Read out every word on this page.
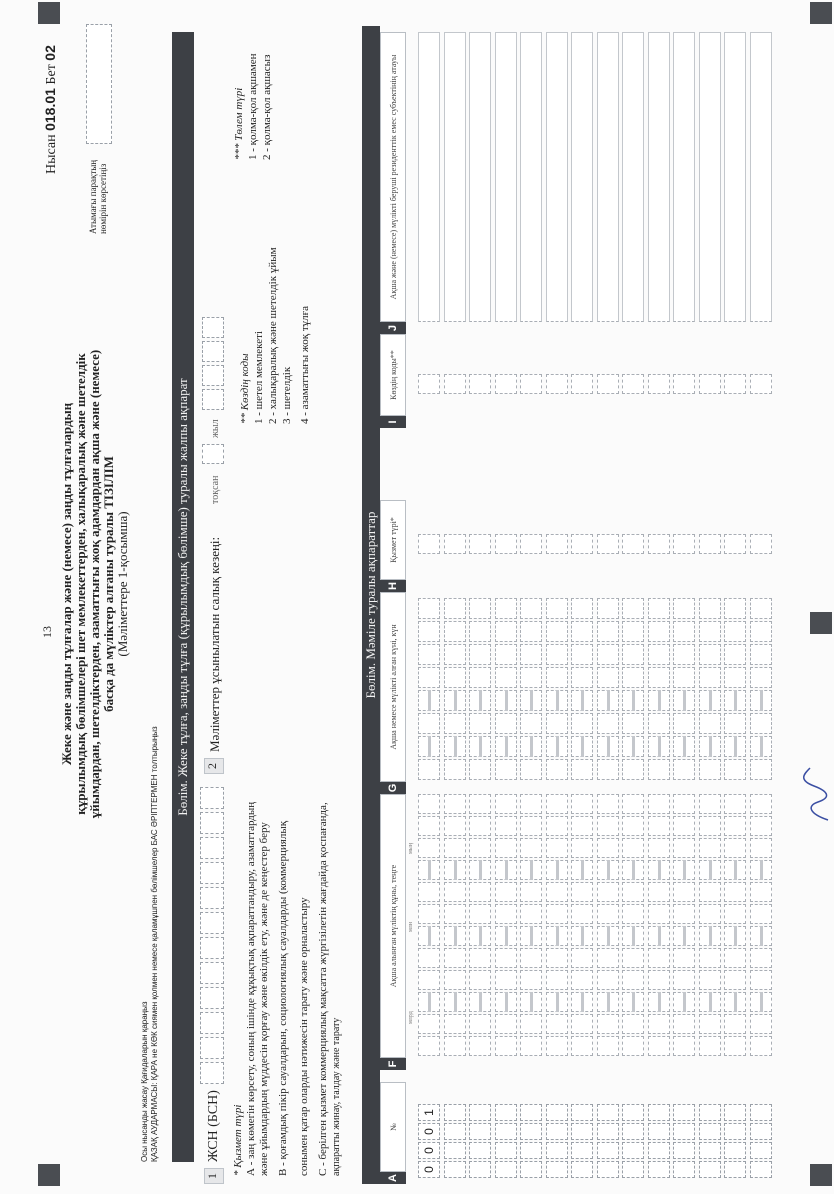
13
Нысан 018.01 Бет 02
Атымағы парақтың нөмірін көрсетіңіз
Жеке және заңды тұлғалар және (немесе) заңды тұлғалардың құрылымдық бөлімшелері шет мемлекеттерден, халықаралық және шетелдік ұйымдардан, шетелдіктерден, азаматтығы жоқ адамдардан ақша және (немесе) басқа да мүліктер алғаны туралы ТІЗІЛІМ (Мәліметтере 1-қосымша)
Осы нысанды жасау Қағидаларын қараңыз ҚАЗАҚ АУДАРМАСЫ: ҚАРА не КӨК сиямен қолмен немесе қаламұшпен бөлімшелер БАС ӘРІПТЕРМЕН толтырыңыз
Бөлім. Жеке тұлға, заңды тұлға (құрылымдық бөлімше) туралы жалпы ақпарат
1
ЖСН (БСН)
2
Мәліметтер ұсынылатын салық кезеңі:
тоқсан
жыл
* Қызмет түрі А - заң көмегін көрсету, соның ішінде құқықтық ақпараттандыру, азаматтардың және ұйымдардың мүддесін қорғау және өкілдік ету, және де кеңестер беру В - қоғамдық пікір сауалдарын, социологиялық сауалдарды (коммерциялық сонымен қатар оларды нәтижесін тарату және орналастыру С - берілген қызмет коммерциялық мақсатта жүргізілетін жағдайда қоспағанда, ақпаратты жинау, талдау және тарату
** Көздің коды 1 - шетел мемлекеті 2 - халықаралық және шетелдік ұйым 3 - шетелдік 4 - азаматтығы жоқ тұлға
*** Төлем түрі 1 - қолма-қол ақшамен 2 - қолма-қол ақшасыз
Бөлім. Мәміле туралы ақпараттар
A
№
F
Ақша алынған мүліктің құны, теңге
млрд
млн
мың
G
Ақша немесе мүлікті алған күні, күн
H
Қызмет түрі*
I
Көздің коды**
J
Ақша және (немесе) мүлікті берушi резиденттік емес субъектінің атауы
0
0
0
1
